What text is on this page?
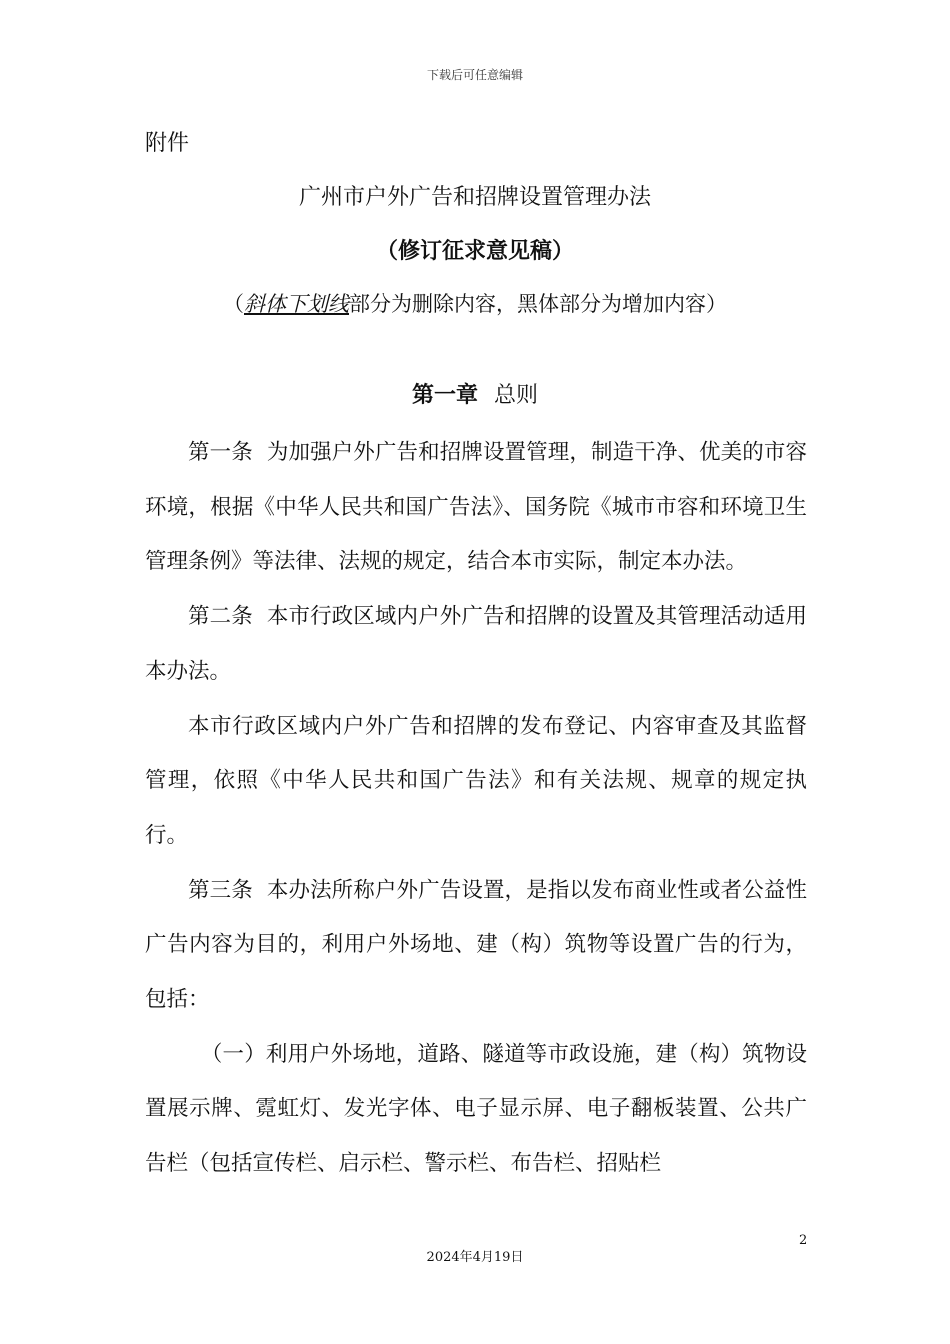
下载后可任意编辑
附件
广州市户外广告和招牌设置管理办法
（修订征求意见稿）
（斜体下划线部分为删除内容，黑体部分为增加内容）
第一章 总则

第一条 为加强户外广告和招牌设置管理，制造干净、优美的市容环境，根据《中华人民共和国广告法》、国务院《城市市容和环境卫生管理条例》等法律、法规的规定，结合本市实际，制定本办法。

第二条 本市行政区域内户外广告和招牌的设置及其管理活动适用本办法。

本市行政区域内户外广告和招牌的发布登记、内容审查及其监督管理，依照《中华人民共和国广告法》和有关法规、规章的规定执行。

第三条 本办法所称户外广告设置，是指以发布商业性或者公益性广告内容为目的，利用户外场地、建（构）筑物等设置广告的行为，包括：

（一）利用户外场地，道路、隧道等市政设施，建（构）筑物设置展示牌、霓虹灯、发光字体、电子显示屏、电子翻板装置、公共广告栏（包括宣传栏、启示栏、警示栏、布告栏、招贴栏

2
2024年4月19日
